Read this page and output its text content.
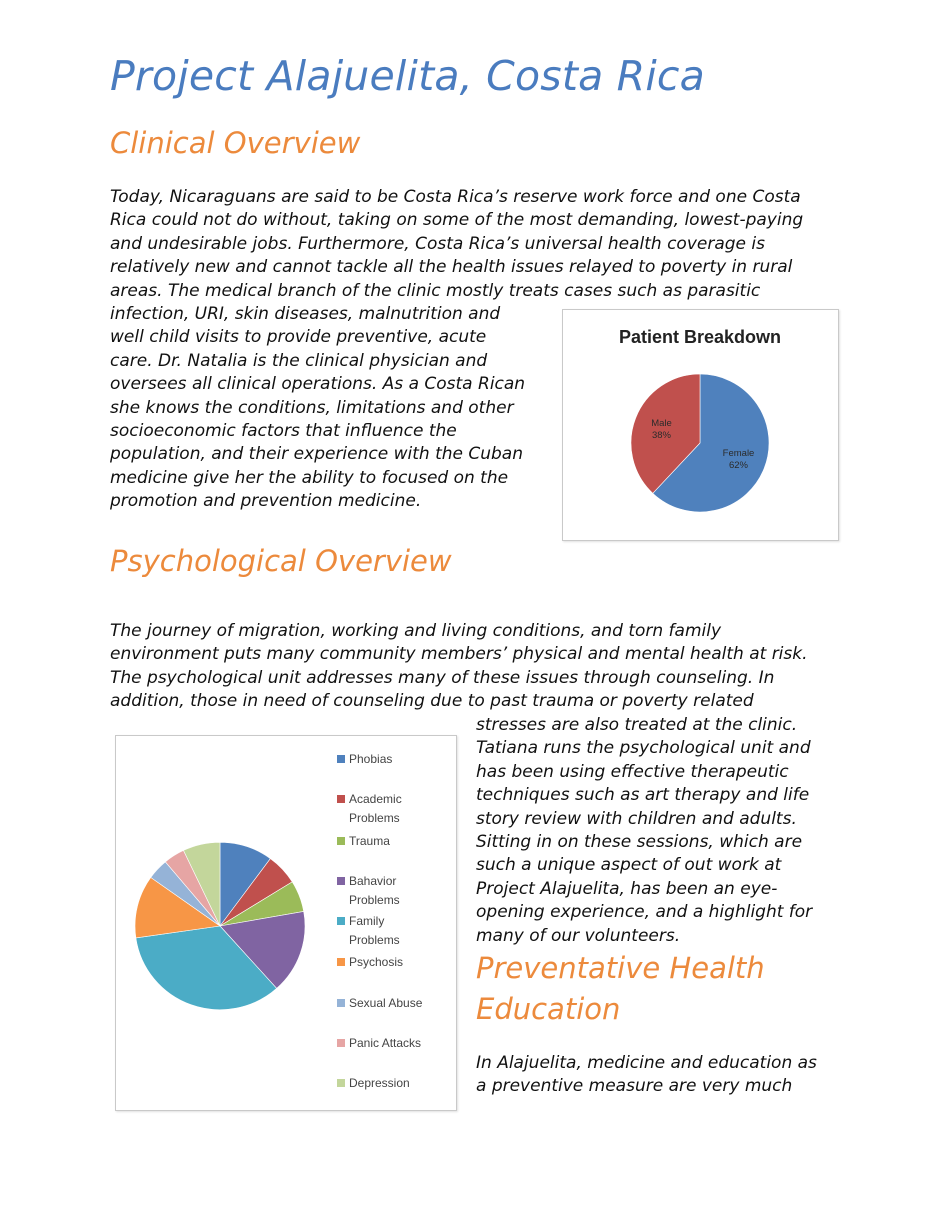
Project Alajuelita, Costa Rica
Clinical Overview
Today, Nicaraguans are said to be Costa Rica’s reserve work force and one Costa
Rica could not do without, taking on some of the most demanding, lowest-paying
and undesirable jobs. Furthermore, Costa Rica’s universal health coverage is
relatively new and cannot tackle all the health issues relayed to poverty in rural
areas. The medical branch of the clinic mostly treats cases such as parasitic
infection, URI, skin diseases, malnutrition and
well child visits to provide preventive, acute
care. Dr. Natalia is the clinical physician and
oversees all clinical operations. As a Costa Rican
she knows the conditions, limitations and other
socioeconomic factors that influence the
population, and their experience with the Cuban
medicine give her the ability to focused on the
promotion and prevention medicine.
Patient Breakdown
Female
62%
Male
38%
Psychological Overview
The journey of migration, working and living conditions, and torn family
environment puts many community members’ physical and mental health at risk.
The psychological unit addresses many of these issues through counseling. In
addition, those in need of counseling due to past trauma or poverty related
stresses are also treated at the clinic.
Tatiana runs the psychological unit and
has been using effective therapeutic
techniques such as art therapy and life
story review with children and adults.
Sitting in on these sessions, which are
such a unique aspect of out work at
Project Alajuelita, has been an eye-
opening experience, and a highlight for
many of our volunteers.
Phobias
Academic
Problems
Trauma
Bahavior
Problems
Family
Problems
Psychosis
Sexual Abuse
Panic Attacks
Depression
Preventative Health
Education
In Alajuelita, medicine and education as
a preventive measure are very much
